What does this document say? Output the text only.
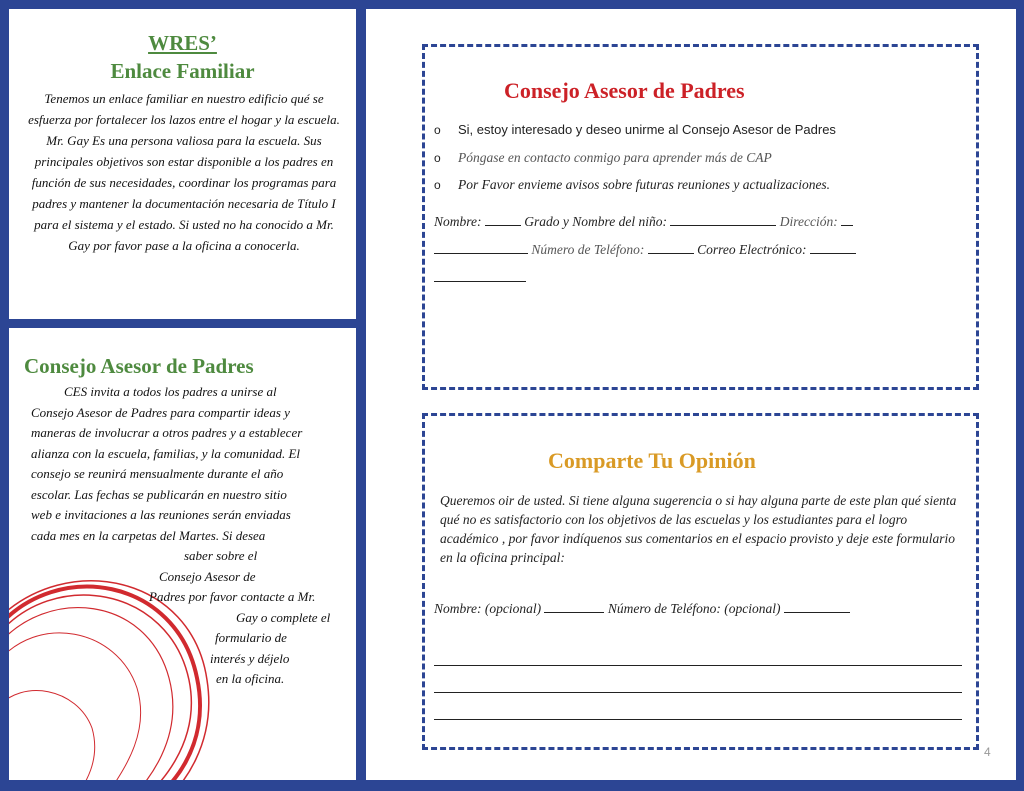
WRES’
Enlace Familiar
Tenemos un enlace familiar en nuestro edificio qué se esfuerza por fortalecer los lazos entre el hogar y la escuela. Mr. Gay Es una persona valiosa para la escuela. Sus principales objetivos son estar disponible a los padres en función de sus necesidades, coordinar los programas para padres y mantener la documentación necesaria de Título I para el sistema y el estado. Si usted no ha conocido a Mr. Gay por favor pase a la oficina a conocerla.
Consejo Asesor de Padres
CES invita a todos los padres a unirse al
Consejo Asesor de Padres para compartir ideas y
maneras de involucrar a otros padres y a establecer
alianza con la escuela, familias, y la comunidad. El
consejo se reunirá mensualmente durante el año
escolar. Las fechas se publicarán en nuestro sitio
web e invitaciones a las reuniones serán enviadas
cada mes en la carpetas del Martes. Si desea
saber sobre el
Consejo Asesor de
Padres por favor contacte a Mr.
Gay o complete el
formulario de
interés y déjelo
en la oficina.
Consejo Asesor de Padres
o Si, estoy interesado y deseo unirme al Consejo Asesor de Padres
o Póngase en contacto conmigo para aprender más de CAP
o Por Favor envieme avisos sobre futuras reuniones y actualizaciones.
Nombre:	Grado y Nombre del niño:	Dirección:
Número de Teléfono:	Correo Electrónico:

Comparte Tu Opinión
Queremos oir de usted. Si tiene alguna sugerencia o si hay alguna parte de este plan qué sienta qué no es satisfactorio con los objetivos de las escuelas y los estudiantes para el logro académico , por favor indíquenos sus comentarios en el espacio provisto y deje este formulario en la oficina principal:
Nombre: (opcional)	Número de Teléfono: (opcional)
4
